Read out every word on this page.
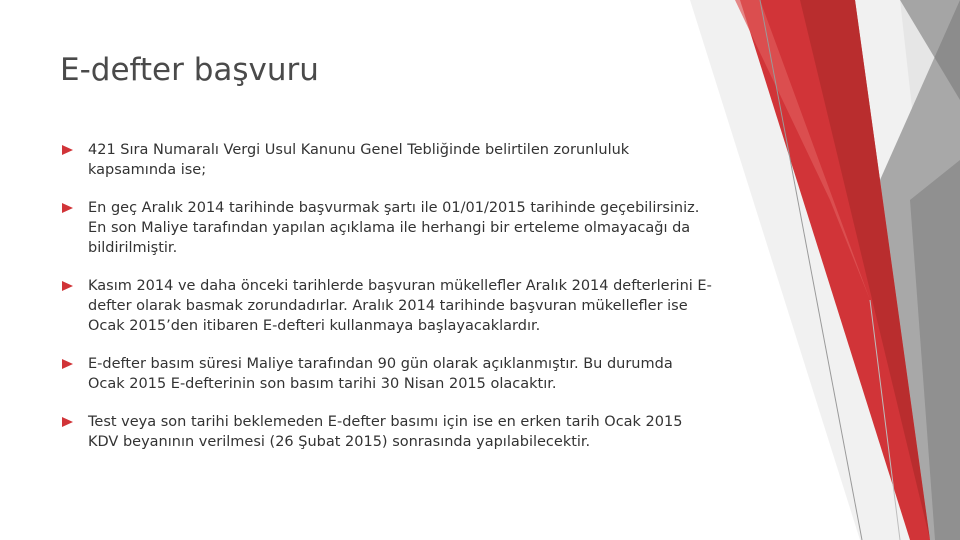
E-defter başvuru
421 Sıra Numaralı Vergi Usul Kanunu Genel Tebliğinde belirtilen zorunluluk kapsamında ise;
En geç Aralık 2014 tarihinde başvurmak şartı ile 01/01/2015 tarihinde geçebilirsiniz. En son Maliye tarafından yapılan açıklama ile herhangi bir erteleme olmayacağı da bildirilmiştir.
Kasım 2014 ve daha önceki tarihlerde başvuran mükellefler Aralık 2014 defterlerini E-defter olarak basmak zorundadırlar. Aralık 2014 tarihinde başvuran mükellefler ise Ocak 2015’den itibaren E-defteri kullanmaya başlayacaklardır.
E-defter basım süresi Maliye tarafından 90 gün olarak açıklanmıştır. Bu durumda Ocak 2015 E-defterinin son basım tarihi 30 Nisan 2015 olacaktır.
Test veya son tarihi beklemeden E-defter basımı için ise en erken tarih Ocak 2015 KDV beyanının verilmesi (26 Şubat 2015) sonrasında yapılabilecektir.
